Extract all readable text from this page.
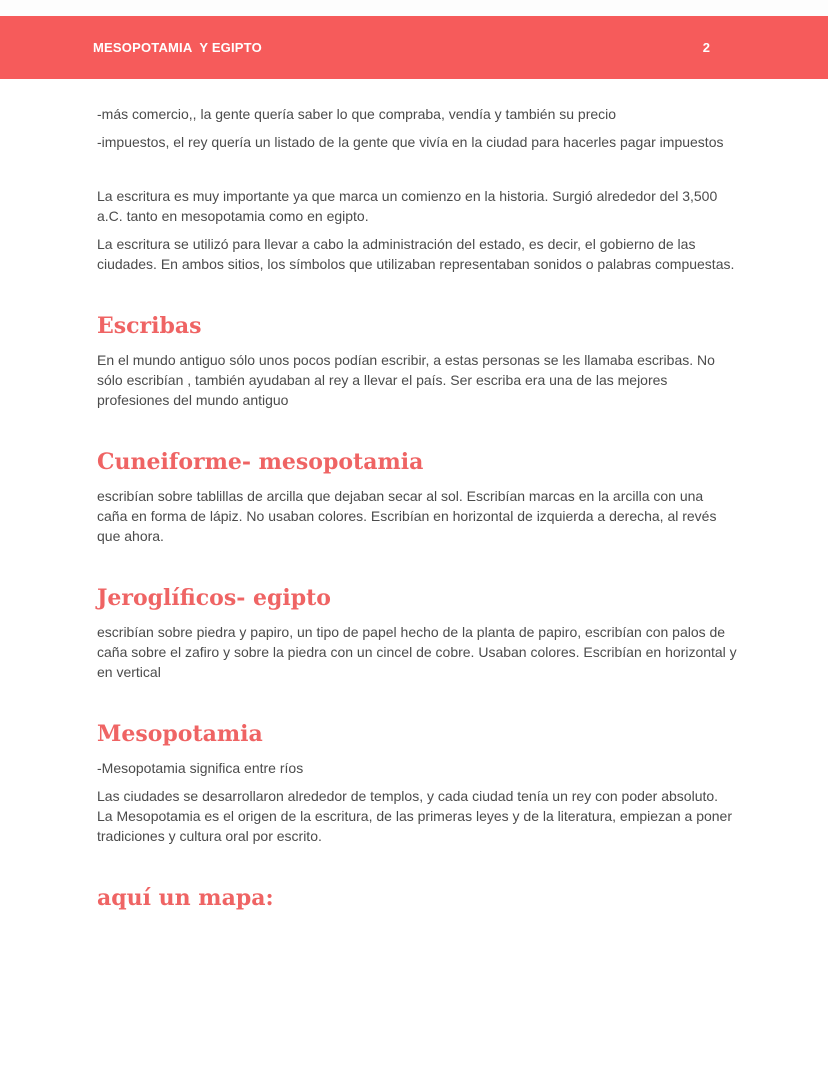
MESOPOTAMIA  Y EGIPTO	2

-más comercio,, la gente quería saber lo que compraba, vendía y también su precio

-impuestos, el rey quería un listado de la gente que vivía en la ciudad para hacerles pagar impuestos

La escritura es muy importante ya que marca un comienzo en la historia. Surgió alrededor del 3,500 a.C. tanto en mesopotamia como en egipto.

La escritura se utilizó para llevar a cabo la administración del estado, es decir, el gobierno de las ciudades. En ambos sitios, los símbolos que utilizaban representaban sonidos o palabras compuestas.

Escribas

En el mundo antiguo sólo unos pocos podían escribir, a estas personas se les llamaba escribas. No sólo escribían , también ayudaban al rey a llevar el país. Ser escriba era una de las mejores profesiones del mundo antiguo

Cuneiforme- mesopotamia

escribían sobre tablillas de arcilla que dejaban secar al sol. Escribían marcas en la arcilla con una caña en forma de lápiz. No usaban colores. Escribían en horizontal de izquierda a derecha, al revés que ahora.

Jeroglíficos- egipto

escribían sobre piedra y papiro, un tipo de papel hecho de la planta de papiro, escribían con palos de caña sobre el zafiro y sobre la piedra con un cincel de cobre. Usaban colores. Escribían en horizontal y en vertical

Mesopotamia

-Mesopotamia significa entre ríos

Las ciudades se desarrollaron alrededor de templos, y cada ciudad tenía un rey con poder absoluto. La Mesopotamia es el origen de la escritura, de las primeras leyes y de la literatura, empiezan a poner tradiciones y cultura oral por escrito.

aquí un mapa:
